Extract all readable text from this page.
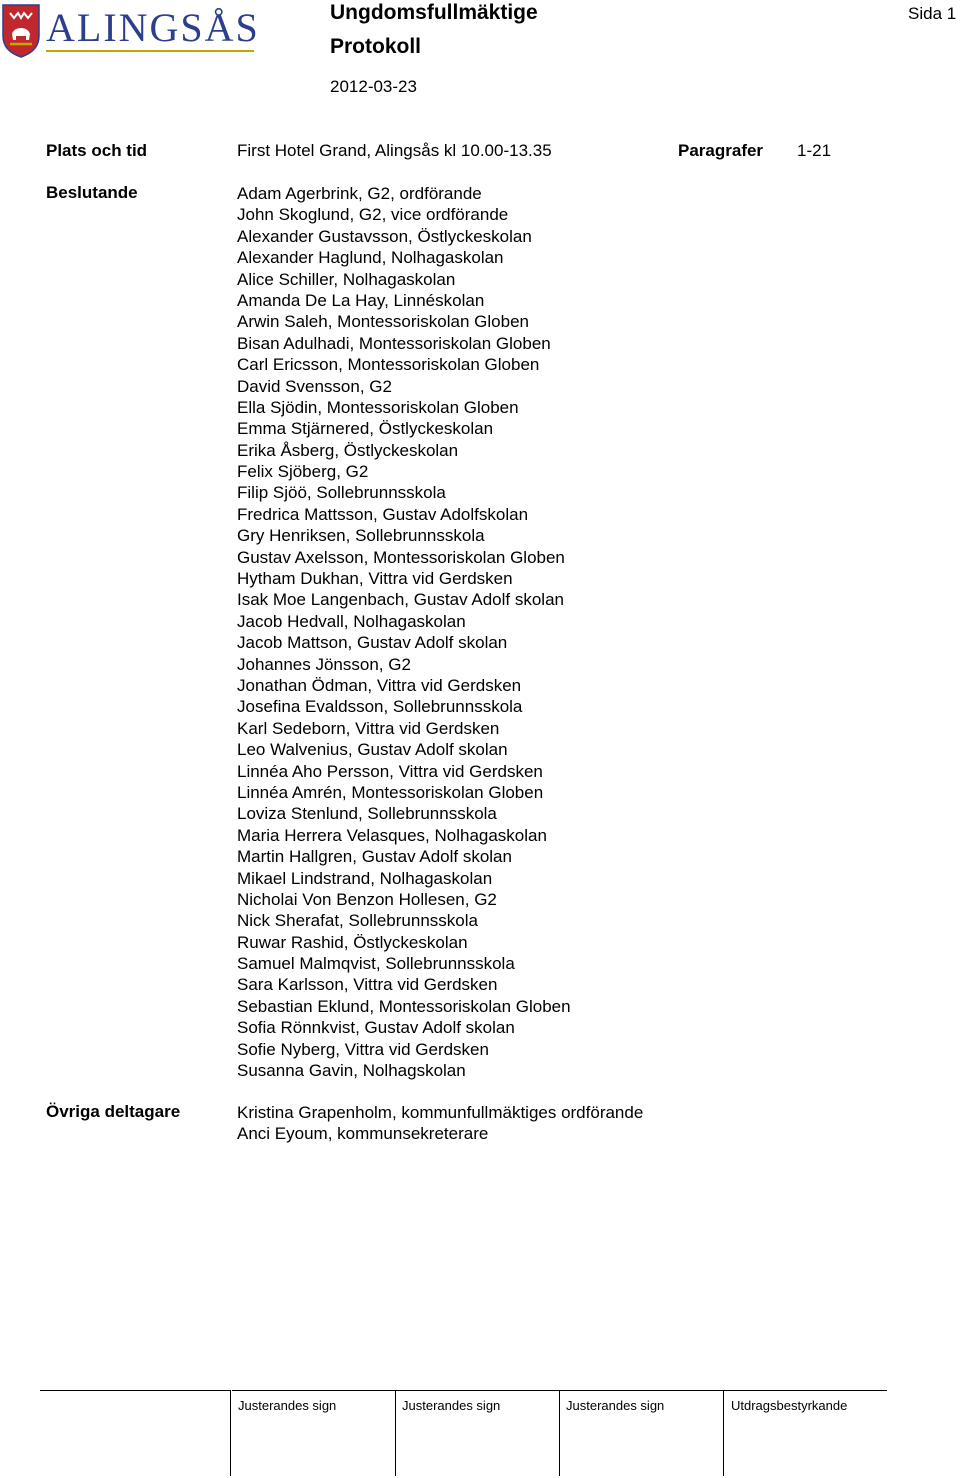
ALINGSÅS	Ungdomsfullmäktige
Protokoll
2012-03-23
Sida 1
Plats och tid	First Hotel Grand, Alingsås kl 10.00-13.35	Paragrafer 1-21
Beslutande	Adam Agerbrink, G2, ordförande
John Skoglund, G2, vice ordförande
Alexander Gustavsson, Östlyckeskolan
Alexander Haglund, Nolhagaskolan
Alice Schiller, Nolhagaskolan
Amanda De La Hay, Linnéskolan
Arwin Saleh, Montessoriskolan Globen
Bisan Adulhadi, Montessoriskolan Globen
Carl Ericsson, Montessoriskolan Globen
David Svensson, G2
Ella Sjödin, Montessoriskolan Globen
Emma Stjärnered, Östlyckeskolan
Erika Åsberg, Östlyckeskolan
Felix Sjöberg, G2
Filip Sjöö, Sollebrunnsskola
Fredrica Mattsson, Gustav Adolfskolan
Gry Henriksen, Sollebrunnsskola
Gustav Axelsson, Montessoriskolan Globen
Hytham Dukhan, Vittra vid Gerdsken
Isak Moe Langenbach, Gustav Adolf skolan
Jacob Hedvall, Nolhagaskolan
Jacob Mattson, Gustav Adolf skolan
Johannes Jönsson, G2
Jonathan Ödman, Vittra vid Gerdsken
Josefina Evaldsson, Sollebrunnsskola
Karl Sedeborn, Vittra vid Gerdsken
Leo Walvenius, Gustav Adolf skolan
Linnéa Aho Persson, Vittra vid Gerdsken
Linnéa Amrén, Montessoriskolan Globen
Loviza Stenlund, Sollebrunnsskola
Maria Herrera Velasques, Nolhagaskolan
Martin Hallgren, Gustav Adolf skolan
Mikael Lindstrand, Nolhagaskolan
Nicholai Von Benzon Hollesen, G2
Nick Sherafat, Sollebrunnsskola
Ruwar Rashid, Östlyckeskolan
Samuel Malmqvist, Sollebrunnsskola
Sara Karlsson, Vittra vid Gerdsken
Sebastian Eklund, Montessoriskolan Globen
Sofia Rönnkvist, Gustav Adolf skolan
Sofie Nyberg, Vittra vid Gerdsken
Susanna Gavin, Nolhagskolan
Övriga deltagare	Kristina Grapenholm, kommunfullmäktiges ordförande
Anci Eyoum, kommunsekreterare
Justerandes sign	Justerandes sign	Justerandes sign	Utdragsbestyrkande
